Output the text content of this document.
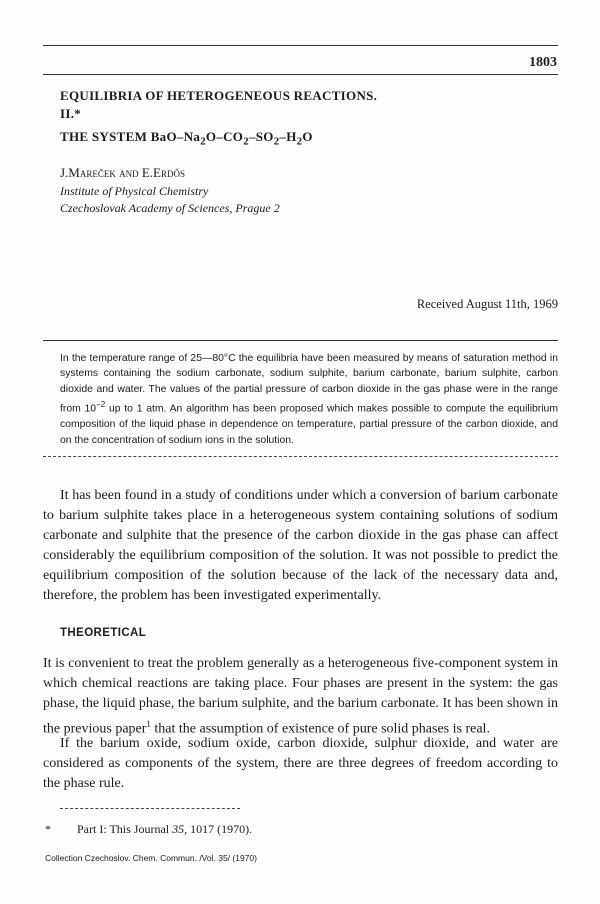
1803
EQUILIBRIA OF HETEROGENEOUS REACTIONS. II.*
THE SYSTEM BaO–$Na_2O-CO_2-SO_2-H_2O$
J.Mareček and E.Erdős
Institute of Physical Chemistry
Czechoslovak Academy of Sciences, Prague 2
Received August 11th, 1969
In the temperature range of 25—80°C the equilibria have been measured by means of saturation method in systems containing the sodium carbonate, sodium sulphite, barium carbonate, barium sulphite, carbon dioxide and water. The values of the partial pressure of carbon dioxide in the gas phase were in the range from $10^{-2}$ up to 1 atm. An algorithm has been proposed which makes possible to compute the equilibrium composition of the liquid phase in dependence on temperature, partial pressure of the carbon dioxide, and on the concentration of sodium ions in the solution.
It has been found in a study of conditions under which a conversion of barium carbonate to barium sulphite takes place in a heterogeneous system containing solutions of sodium carbonate and sulphite that the presence of the carbon dioxide in the gas phase can affect considerably the equilibrium composition of the solution. It was not possible to predict the equilibrium composition of the solution because of the lack of the necessary data and, therefore, the problem has been investigated experimentally.
THEORETICAL
It is convenient to treat the problem generally as a heterogeneous five-component system in which chemical reactions are taking place. Four phases are present in the system: the gas phase, the liquid phase, the barium sulphite, and the barium carbonate. It has been shown in the previous paper$^1$ that the assumption of existence of pure solid phases is real.
If the barium oxide, sodium oxide, carbon dioxide, sulphur dioxide, and water are considered as components of the system, there are three degrees of freedom according to the phase rule.
* Part I: This Journal 35, 1017 (1970).
Collection Czechoslov. Chem. Commun. /Vol. 35/ (1970)
